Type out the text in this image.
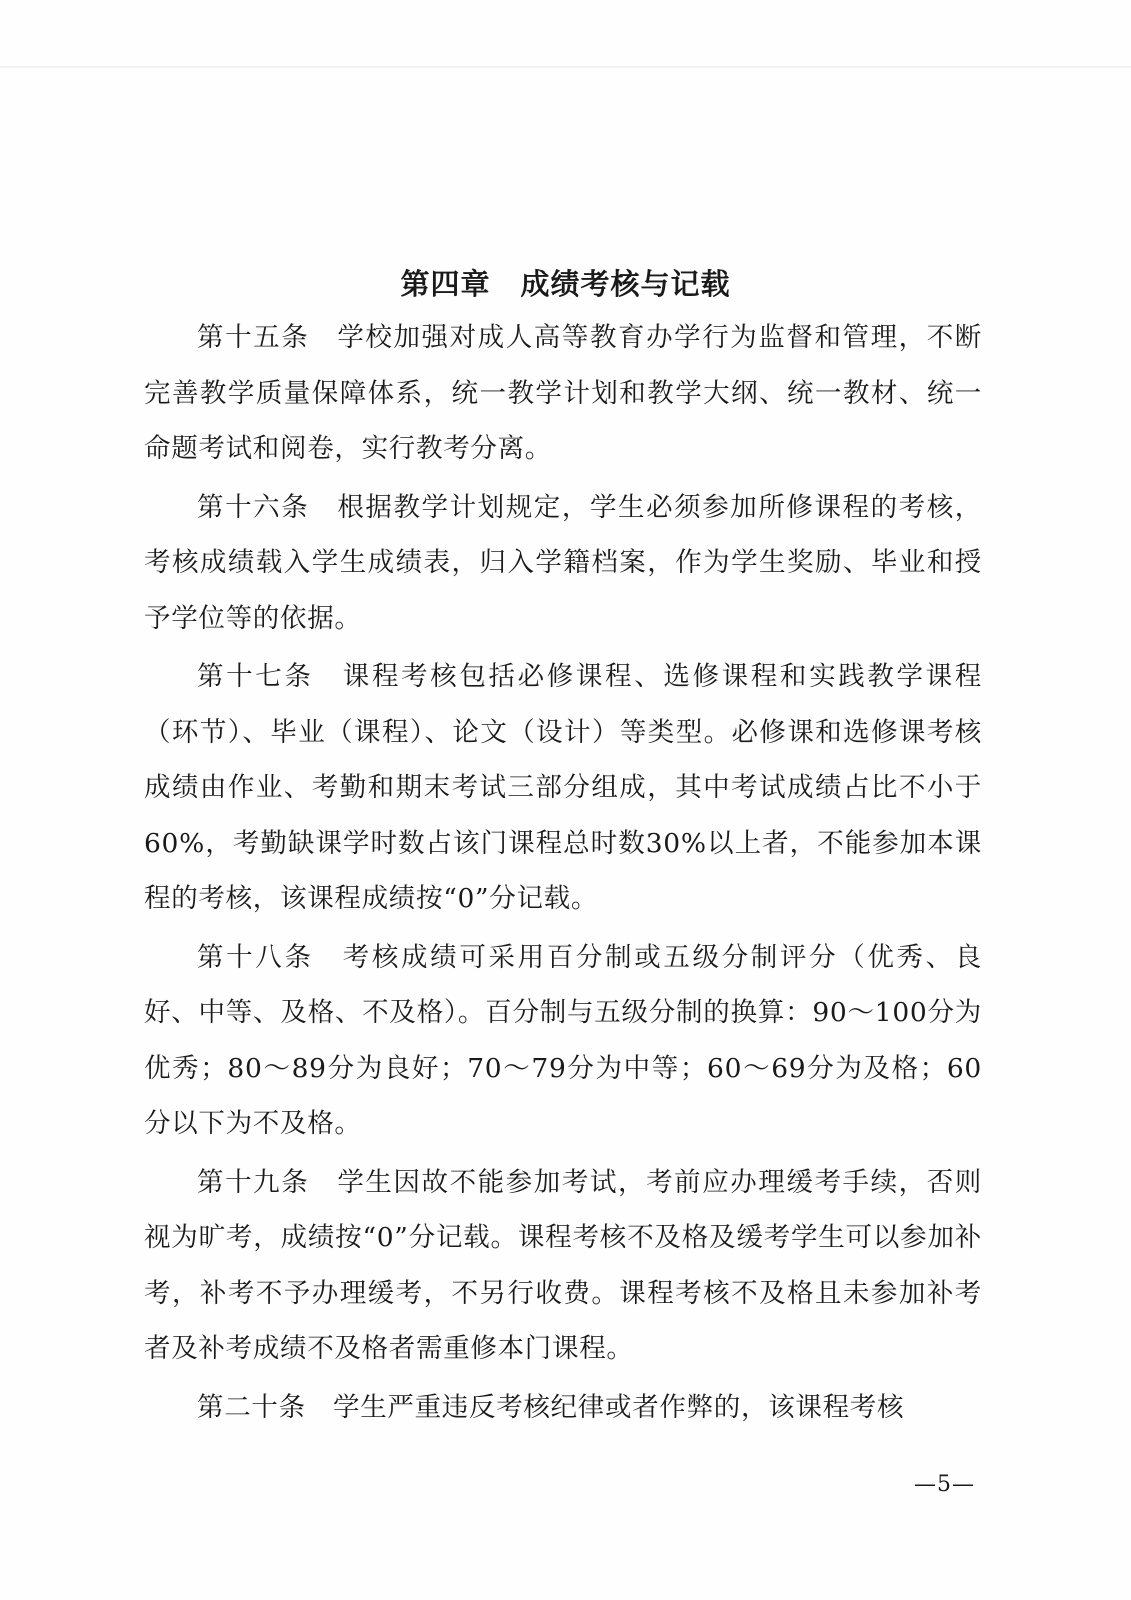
第四章　成绩考核与记载

第十五条　学校加强对成人高等教育办学行为监督和管理，不断完善教学质量保障体系，统一教学计划和教学大纲、统一教材、统一命题考试和阅卷，实行教考分离。

第十六条　根据教学计划规定，学生必须参加所修课程的考核，考核成绩载入学生成绩表，归入学籍档案，作为学生奖励、毕业和授予学位等的依据。

第十七条　课程考核包括必修课程、选修课程和实践教学课程（环节）、毕业（课程）、论文（设计）等类型。必修课和选修课考核成绩由作业、考勤和期末考试三部分组成，其中考试成绩占比不小于60%，考勤缺课学时数占该门课程总时数30%以上者，不能参加本课程的考核，该课程成绩按“0”分记载。

第十八条　考核成绩可采用百分制或五级分制评分（优秀、良好、中等、及格、不及格）。百分制与五级分制的换算：90～100分为优秀；80～89分为良好；70～79分为中等；60～69分为及格；60分以下为不及格。

第十九条　学生因故不能参加考试，考前应办理缓考手续，否则视为旷考，成绩按“0”分记载。课程考核不及格及缓考学生可以参加补考，补考不予办理缓考，不另行收费。课程考核不及格且未参加补考者及补考成绩不及格者需重修本门课程。

第二十条　学生严重违反考核纪律或者作弊的，该课程考核

—5—
